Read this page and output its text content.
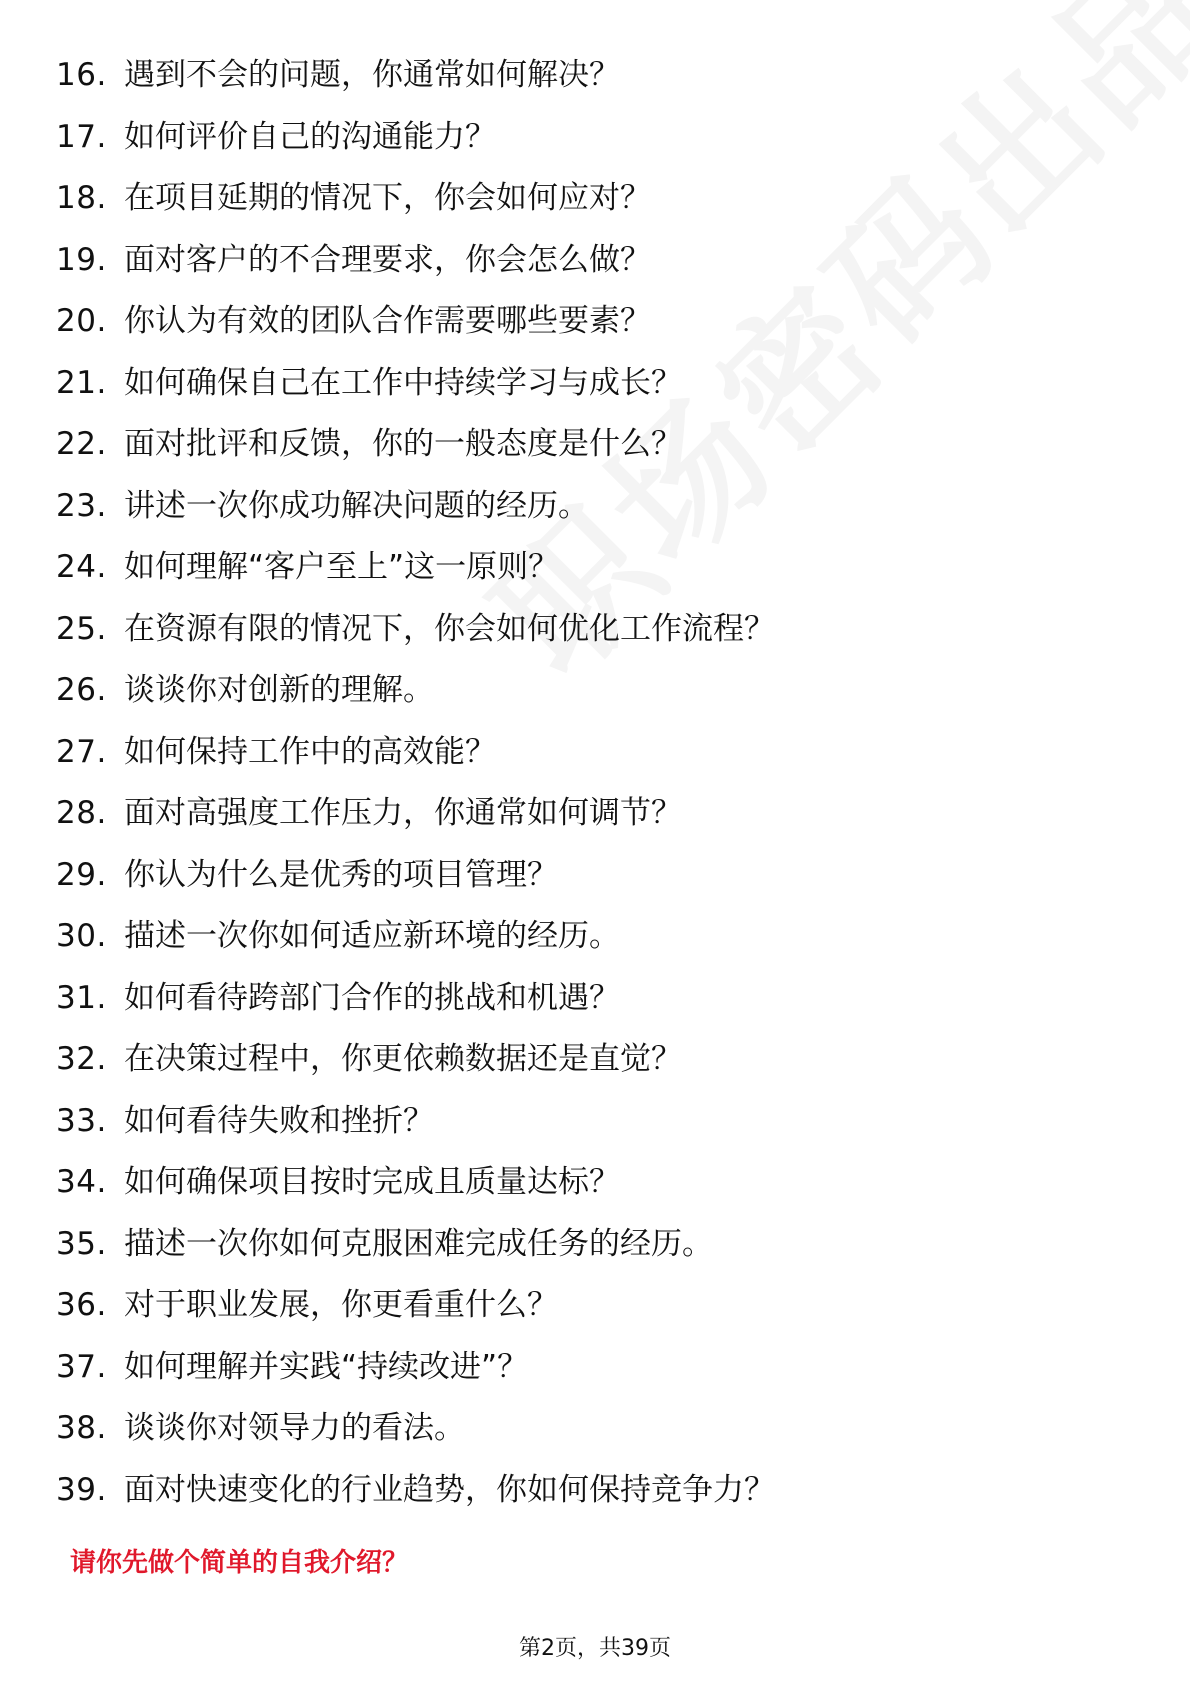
16. 遇到不会的问题，你通常如何解决？
17. 如何评价自己的沟通能力？
18. 在项目延期的情况下，你会如何应对？
19. 面对客户的不合理要求，你会怎么做？
20. 你认为有效的团队合作需要哪些要素？
21. 如何确保自己在工作中持续学习与成长？
22. 面对批评和反馈，你的一般态度是什么？
23. 讲述一次你成功解决问题的经历。
24. 如何理解“客户至上”这一原则？
25. 在资源有限的情况下，你会如何优化工作流程？
26. 谈谈你对创新的理解。
27. 如何保持工作中的高效能？
28. 面对高强度工作压力，你通常如何调节？
29. 你认为什么是优秀的项目管理？
30. 描述一次你如何适应新环境的经历。
31. 如何看待跨部门合作的挑战和机遇？
32. 在决策过程中，你更依赖数据还是直觉？
33. 如何看待失败和挫折？
34. 如何确保项目按时完成且质量达标？
35. 描述一次你如何克服困难完成任务的经历。
36. 对于职业发展，你更看重什么？
37. 如何理解并实践“持续改进”？
38. 谈谈你对领导力的看法。
39. 面对快速变化的行业趋势，你如何保持竞争力？
请你先做个简单的自我介绍？
第2页，共39页
